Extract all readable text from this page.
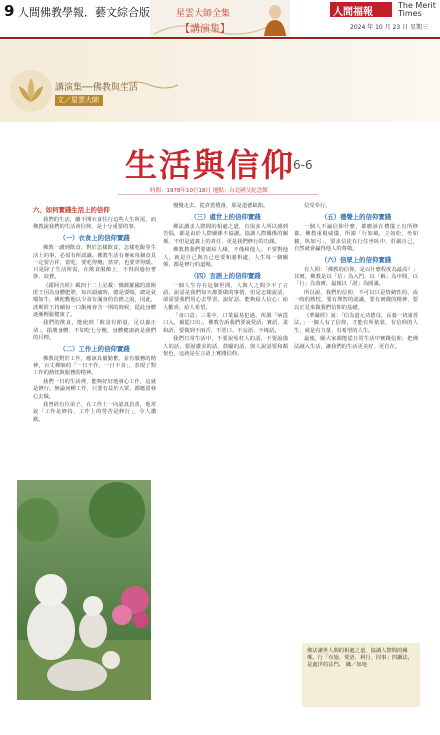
9 人間佛教學報．藝文綜合版	星雲大師全集
【講演集】
人間福報
The Merit Times
2024 年 10 月 23 日 星期三
講演集──佛教與生活
文／星雲大師
生活與信仰
6-6
時間：1978年10月18日 地點：台北國父紀念館
六、如何實踐生活上的信仰

我們的生活，離不開衣食住行這些人生所需，而佛教說我們的生活會信仰，是十分重要的事。

（一）衣食上的信仰實踐

佛教一講到飲食，對於怎樣飲食，怎樣吃飯等生活上的事，必須有所認識。佛教生活有專家每個食具一定要吉祥，當吃，要吃得飽；當穿，也要穿得暖。只是除了生活所需，在飲食服飾上，不得誤過份奢侈、浪費。

《錯阿含經》載四十二上記載：憍薩羅國的波斯匿王因為身體肥胖，每次頭痛時，總是要喘，總是氣喘如牛，佛陀勸他以少食有滿身的負擔之說，因此，波斯匿王持續每一口飯後會含一則的時候，從此身體逐漸輕鬆健康了。

我們的飲食，能使到「飲食有節量，足以養正命」，損壞身體，不如吃七分飽，身體健康就是我們的目標。

（二）工作上的信仰實踐

佛教徒對於工作，應該具備勤奮、並有服務的精神，百丈禪師的「一日不作，一日不食」，表現了對工作的熱忱與服務的精神。

我們一日的生活裡，能夠好好地發心工作，這就是修行。無論何種工作，只要有益於大眾，都應當發心去做。

我曾經有位弟子，在工作上一向認真負責，他常說「工作是修持，工作上的勞苦是修行」，令人讚歎。

慢慢走去，從貪慾墮落，那是道德缺陷。

（三）處世上的信仰實踐

佛法講求人際間的相處之道，有很多人所以感到苦惱，都是由於人際關係不協調。協調人際關係的關係，不但是道義上的責任，更是我們修行的功課。

佛教教我們要廣結人緣，不僅和他人，不要對他人，就是自己與自己也要和諧相處，人生每一個關係，都是修行的道場。

（四）言語上的信仰實踐

一個人生存在這個世間，人與人之間少不了言語，說話是我們每天都要做的事情，但是怎樣說話，卻需要我們用心去學習。說好話，能夠給人信心；給人歡喜，給人希望。

「身口意」三業中，口業最易犯過，所謂「病從口入，禍從口出」，佛教告訴我們要說愛語、實語、柔和語，要做到不兩舌、不惡口、不妄語、不綺語。

我們日常生活中，不要說冤枉人的話，不要說傷人的話，要說讚美的話、鼓勵的話，與人說話要和顏悅色，這就是在言語上實踐信仰。

信受奉行。

（五）禮聲上的信仰實踐

一個人不論信仰什麼，都應該在禮儀上有所修養。佛教重視威儀，所謂「行如風，立如松，坐如鐘，臥如弓」，要求信徒在行住坐臥中，莊嚴自己，自然就會贏得他人的尊敬。

（六）信眾上的信仰實踐

有人問：「佛教的信仰，是以什麼程度為最高？」其實，佛教是以「信」為入門，以「解」為中間，以「行」為落實，最後以「證」為圓滿。

所以說，我們的信仰，不可以只是情緒性的，或一時的熱忱，要有理智的認識，要有實踐的精神，要以正見來做我們信仰的基礎。

《華嚴經》說：「信為道元功德母，長養一切諸善法。」一個人有了信仰，才能有所依靠，有信仰的人生，就是有力量、有希望的人生。

最後，願大家都能從日常生活中實踐信仰，把佛法融入生活，讓我們的生活更美好、更自在。

佛法讓世人間的相處之道，協調人際間的關係。行「布施、愛語、利行、同事」四攝法，是處世的法門。 攝／如地
